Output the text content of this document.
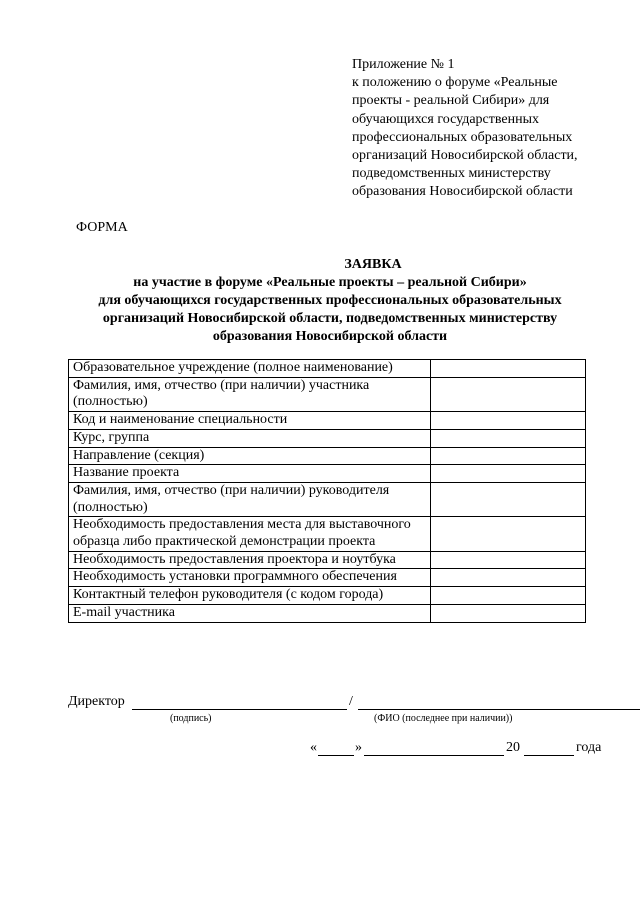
Приложение № 1
к положению о форуме «Реальные
проекты - реальной Сибири» для
обучающихся государственных
профессиональных образовательных
организаций Новосибирской области,
подведомственных министерству
образования Новосибирской области
ФОРМА
ЗАЯВКА
на участие в форуме «Реальные проекты – реальной Сибири»
для обучающихся государственных профессиональных образовательных
организаций Новосибирской области, подведомственных министерству
образования Новосибирской области
Образовательное учреждение (полное наименование)	
Фамилия, имя, отчество (при наличии) участника (полностью)	
Код и наименование специальности	
Курс, группа	
Направление (секция)	
Название проекта	
Фамилия, имя, отчество (при наличии) руководителя (полностью)	
Необходимость предоставления места для выставочного образца либо практической демонстрации проекта	
Необходимость предоставления проектора и ноутбука	
Необходимость установки программного обеспечения	
Контактный телефон руководителя (с кодом города)	
E-mail участника	
Директор	/
(подпись)	(ФИО (последнее при наличии))
«	»	20	года
